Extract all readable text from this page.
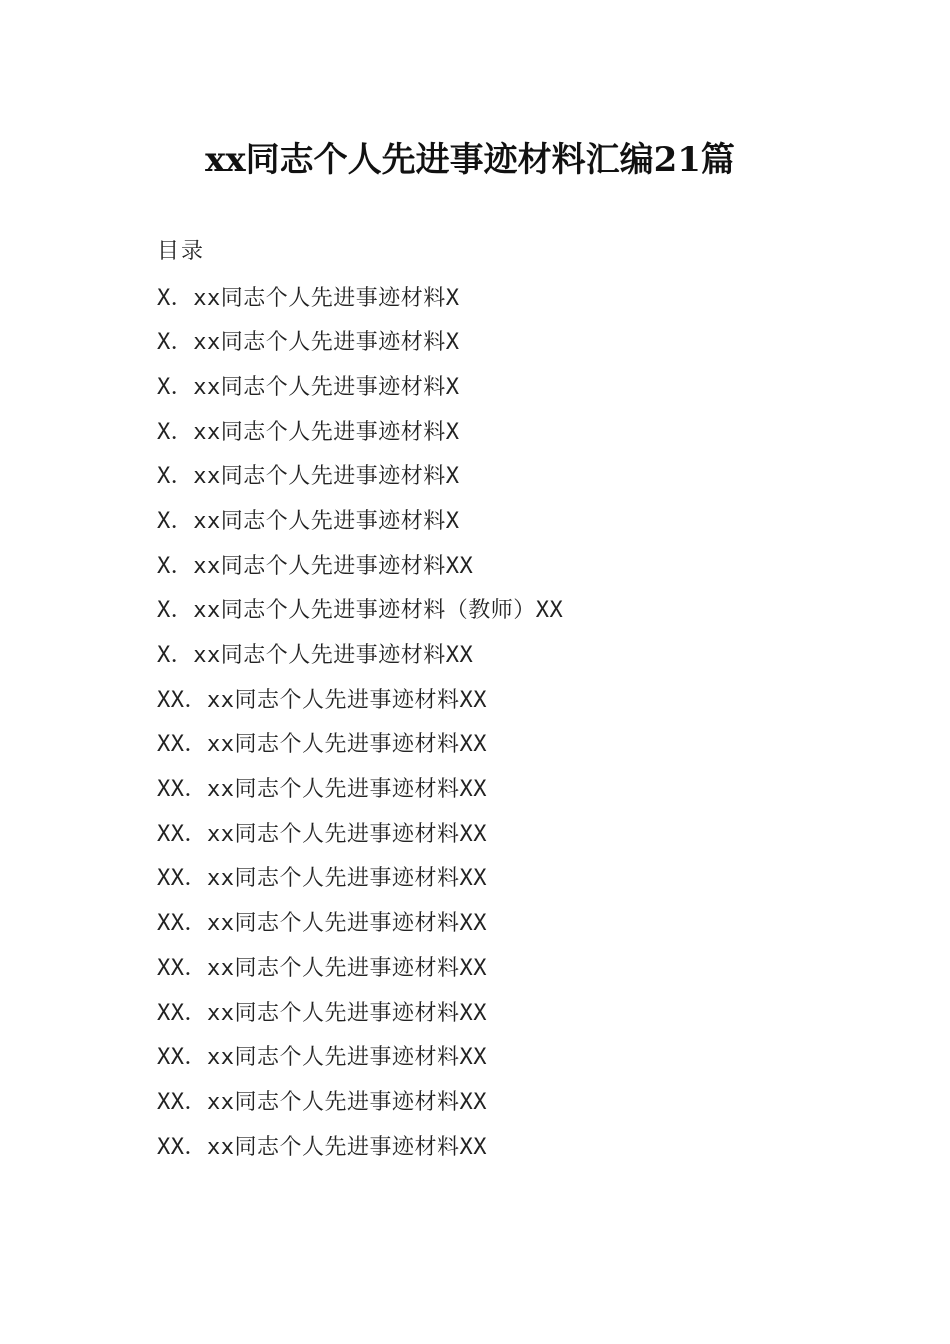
xx同志个人先进事迹材料汇编21篇
目录
X．xx同志个人先进事迹材料X
X．xx同志个人先进事迹材料X
X．xx同志个人先进事迹材料X
X．xx同志个人先进事迹材料X
X．xx同志个人先进事迹材料X
X．xx同志个人先进事迹材料X
X．xx同志个人先进事迹材料XX
X．xx同志个人先进事迹材料（教师）XX
X．xx同志个人先进事迹材料XX
XX．xx同志个人先进事迹材料XX
XX．xx同志个人先进事迹材料XX
XX．xx同志个人先进事迹材料XX
XX．xx同志个人先进事迹材料XX
XX．xx同志个人先进事迹材料XX
XX．xx同志个人先进事迹材料XX
XX．xx同志个人先进事迹材料XX
XX．xx同志个人先进事迹材料XX
XX．xx同志个人先进事迹材料XX
XX．xx同志个人先进事迹材料XX
XX．xx同志个人先进事迹材料XX
